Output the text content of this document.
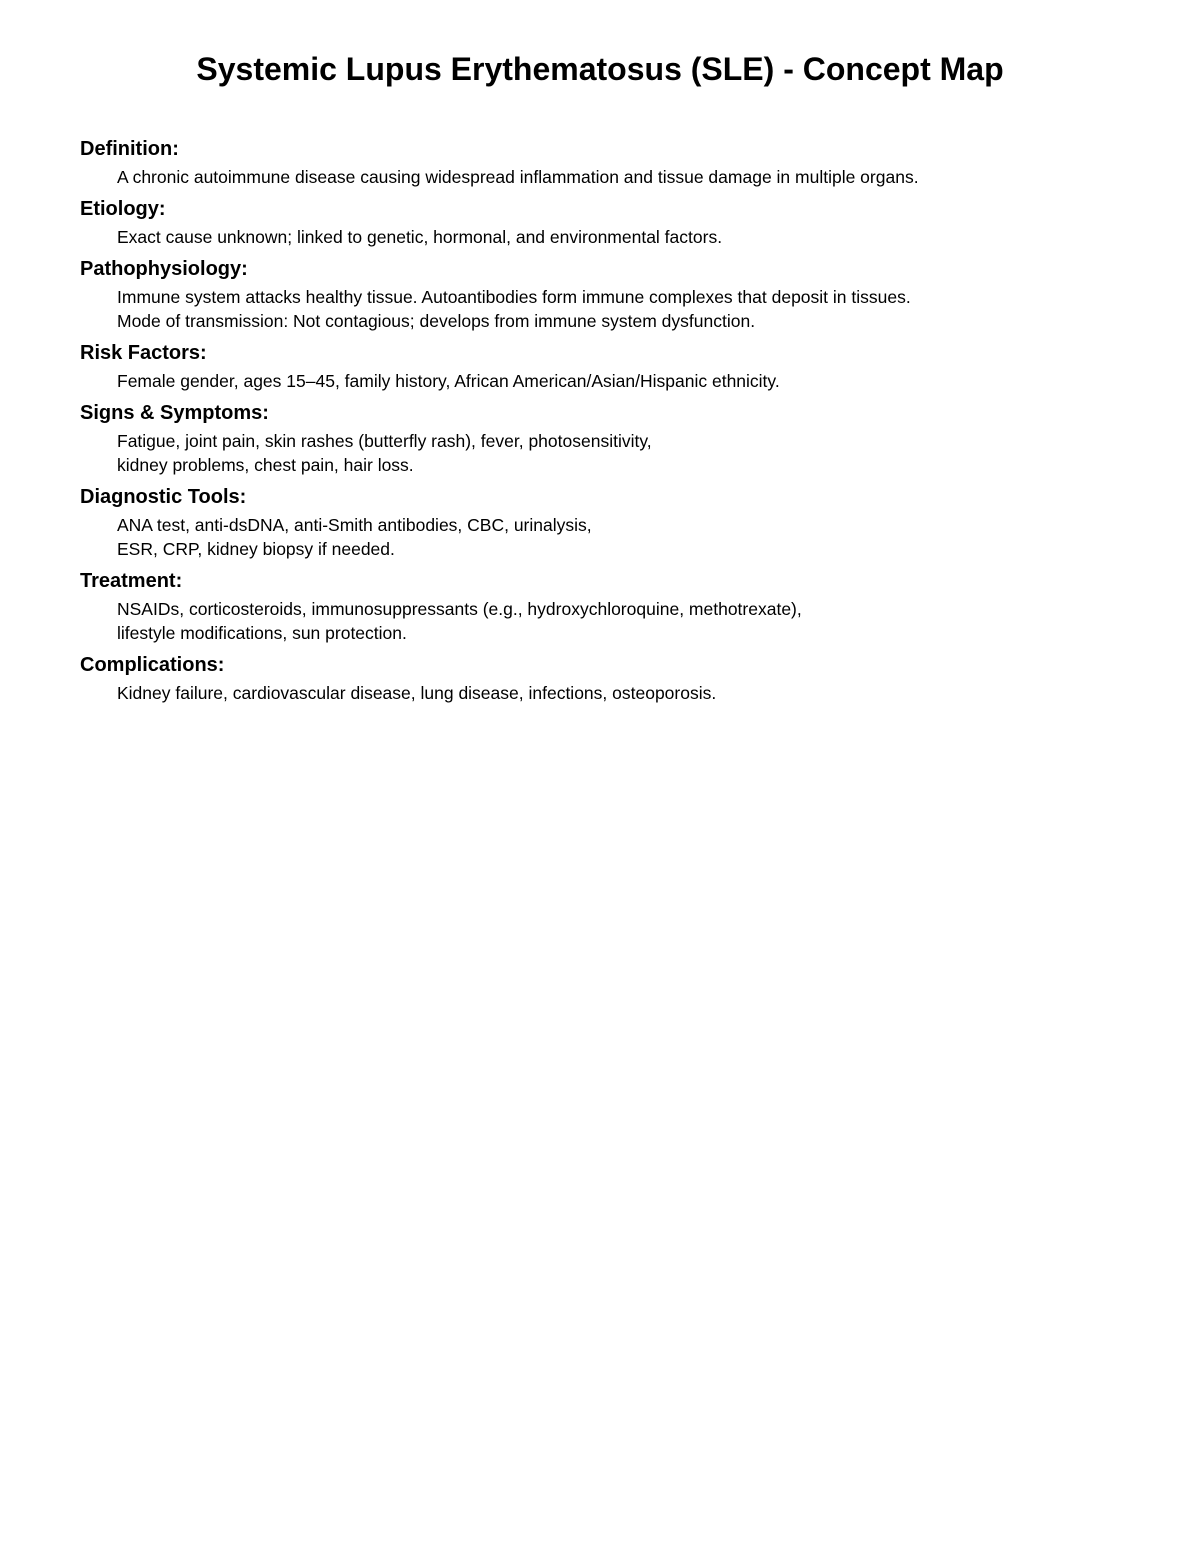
Systemic Lupus Erythematosus (SLE) - Concept Map
Definition:
A chronic autoimmune disease causing widespread inflammation and tissue damage in multiple organs.
Etiology:
Exact cause unknown; linked to genetic, hormonal, and environmental factors.
Pathophysiology:
Immune system attacks healthy tissue. Autoantibodies form immune complexes that deposit in tissues.
Mode of transmission: Not contagious; develops from immune system dysfunction.
Risk Factors:
Female gender, ages 15–45, family history, African American/Asian/Hispanic ethnicity.
Signs & Symptoms:
Fatigue, joint pain, skin rashes (butterfly rash), fever, photosensitivity,
kidney problems, chest pain, hair loss.
Diagnostic Tools:
ANA test, anti-dsDNA, anti-Smith antibodies, CBC, urinalysis,
ESR, CRP, kidney biopsy if needed.
Treatment:
NSAIDs, corticosteroids, immunosuppressants (e.g., hydroxychloroquine, methotrexate),
lifestyle modifications, sun protection.
Complications:
Kidney failure, cardiovascular disease, lung disease, infections, osteoporosis.
